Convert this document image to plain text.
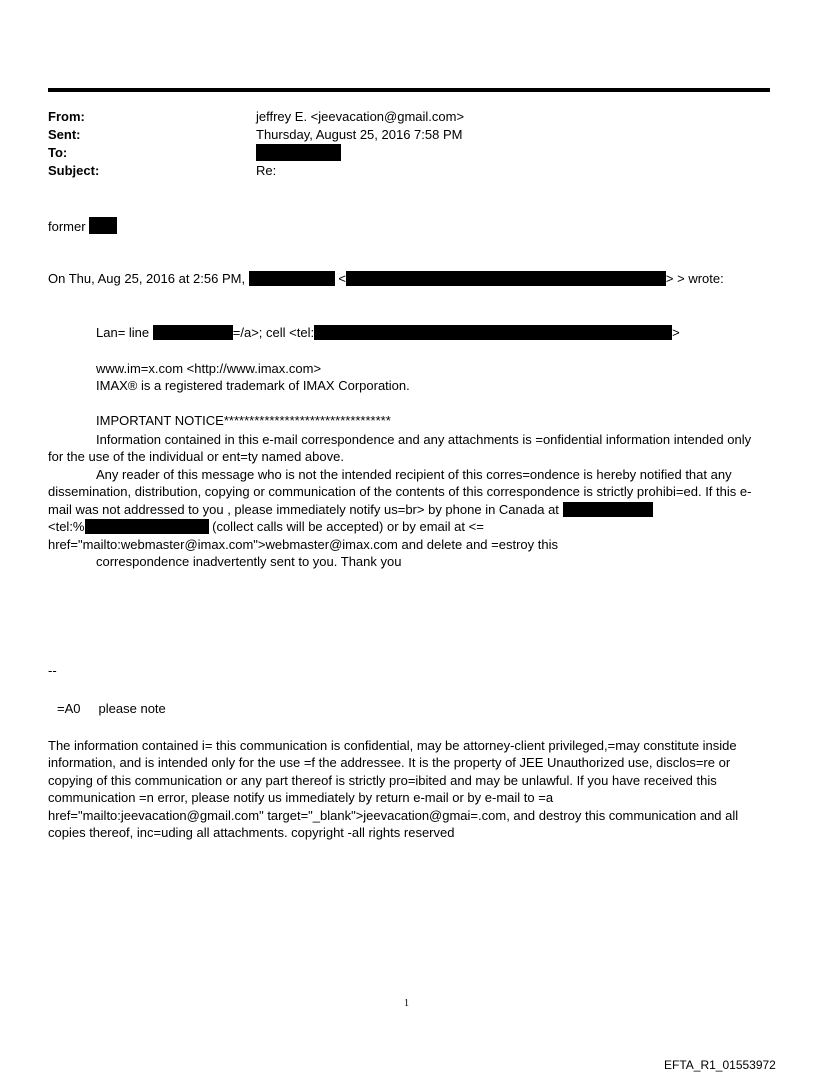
From:	jeffrey E. <jeevacation@gmail.com>
Sent:	Thursday, August 25, 2016 7:58 PM
To:
Subject:	Re:
former
On Thu, Aug 25, 2016 at 2:56 PM,	<	> > wrote:
Lan= line	=/a>; cell <tel:	>
www.im=x.com <http://www.imax.com>
IMAX® is a registered trademark of IMAX Corporation.
IMPORTANT NOTICE*********************************

Information contained in this e-mail correspondence and any attachments is =onfidential information intended only for the use of the individual or ent=ty named above.

Any reader of this message who is not the intended recipient of this corres=ondence is hereby notified that any dissemination, distribution, copying or communication of the contents of this correspondence is strictly prohibi=ed. If this e-mail was not addressed to you , please immediately notify us=br> by phone in Canada at

<tel:%	(collect calls will be accepted) or by email at <=

href="mailto:webmaster@imax.com">webmaster@imax.com and delete and =estroy this

correspondence inadvertently sent to you. Thank you

--
=A0     please note

The information contained i= this communication is confidential, may be attorney-client privileged,=may constitute inside information, and is intended only for the use =f the addressee. It is the property of JEE Unauthorized use, disclos=re or copying of this communication or any part thereof is strictly pro=ibited and may be unlawful. If you have received this communication =n error, please notify us immediately by return e-mail or by e-mail to =a href="mailto:jeevacation@gmail.com" target="_blank">jeevacation@gmai=.com, and destroy this communication and all copies thereof, inc=uding all attachments. copyright -all rights reserved

1
EFTA_R1_01553972
